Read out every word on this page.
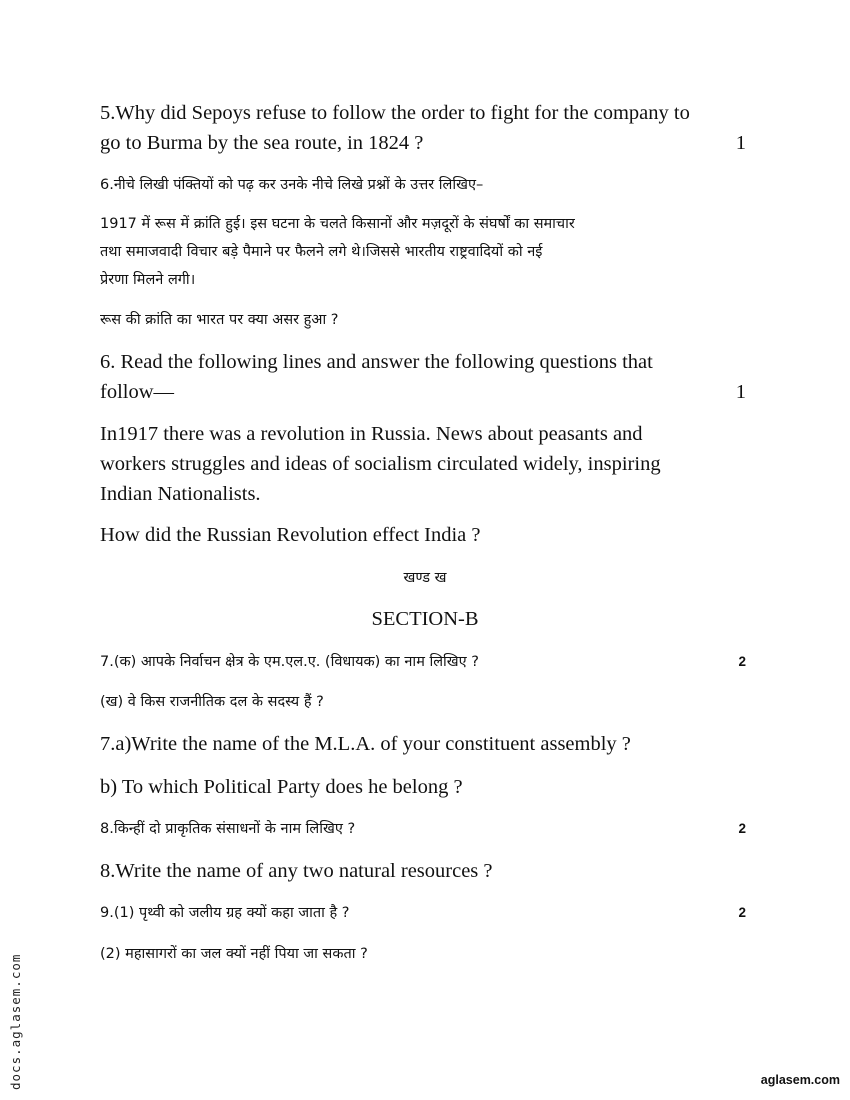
5.Why did Sepoys refuse to follow the order to fight for the company to
go to Burma by the sea route, in 1824 ?	1
6.नीचे लिखी पंक्तियों को पढ़ कर उनके नीचे लिखे प्रश्नों के उत्तर लिखिए–
1917 में रूस में क्रांति हुई। इस घटना के चलते किसानों और मज़दूरों के संघर्षों का समाचार
तथा समाजवादी विचार बड़े पैमाने पर फैलने लगे थे।जिससे भारतीय राष्ट्रवादियों को नई
प्रेरणा मिलने लगी।
रूस की क्रांति का भारत पर क्या असर हुआ ?
6. Read the following lines and answer the following questions that
follow—	1
In1917 there was a revolution in Russia. News about peasants and
workers struggles and ideas of socialism circulated widely, inspiring
Indian Nationalists.
How did the Russian Revolution effect India ?
खण्ड ख
SECTION-B
7.(क) आपके निर्वाचन क्षेत्र के एम.एल.ए. (विधायक) का नाम लिखिए ?	2
(ख) वे किस राजनीतिक दल के सदस्य हैं ?
7.a)Write the name of the M.L.A. of your constituent assembly ?
b) To which Political Party does he belong ?
8.किन्हीं दो प्राकृतिक संसाधनों के नाम लिखिए ?	2
8.Write the name of any two natural resources ?
9.(1) पृथ्वी को जलीय ग्रह क्यों कहा जाता है ?	2
(2) महासागरों का जल क्यों नहीं पिया जा सकता ?
docs.aglasem.com	aglasem.com
